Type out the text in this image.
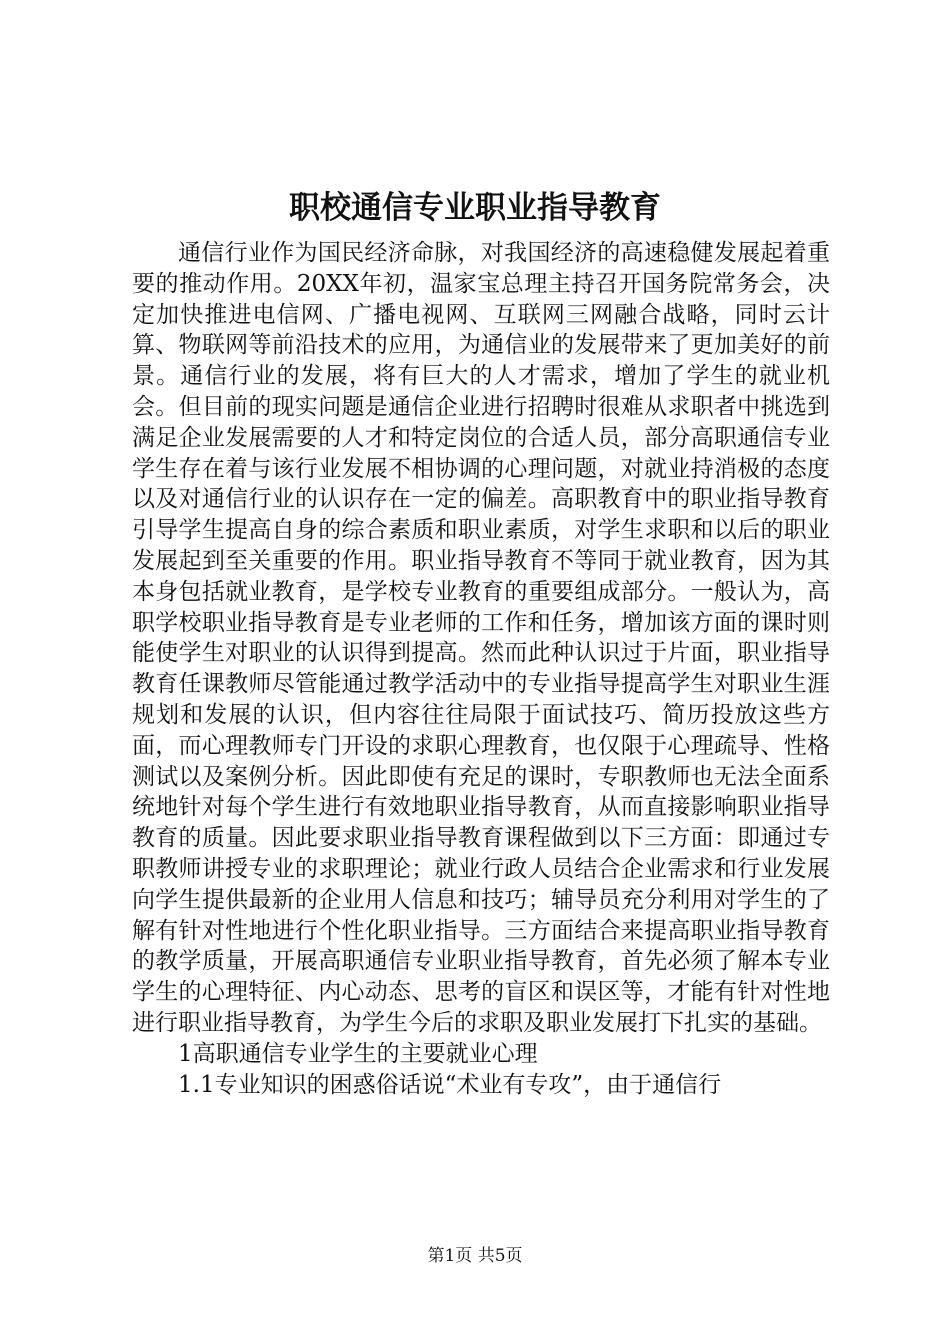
职校通信专业职业指导教育

通信行业作为国民经济命脉，对我国经济的高速稳健发展起着重要的推动作用。20XX年初，温家宝总理主持召开国务院常务会，决定加快推进电信网、广播电视网、互联网三网融合战略，同时云计算、物联网等前沿技术的应用，为通信业的发展带来了更加美好的前景。通信行业的发展，将有巨大的人才需求，增加了学生的就业机会。但目前的现实问题是通信企业进行招聘时很难从求职者中挑选到满足企业发展需要的人才和特定岗位的合适人员，部分高职通信专业学生存在着与该行业发展不相协调的心理问题，对就业持消极的态度以及对通信行业的认识存在一定的偏差。高职教育中的职业指导教育引导学生提高自身的综合素质和职业素质，对学生求职和以后的职业发展起到至关重要的作用。职业指导教育不等同于就业教育，因为其本身包括就业教育，是学校专业教育的重要组成部分。一般认为，高职学校职业指导教育是专业老师的工作和任务，增加该方面的课时则能使学生对职业的认识得到提高。然而此种认识过于片面，职业指导教育任课教师尽管能通过教学活动中的专业指导提高学生对职业生涯规划和发展的认识，但内容往往局限于面试技巧、简历投放这些方面，而心理教师专门开设的求职心理教育，也仅限于心理疏导、性格测试以及案例分析。因此即使有充足的课时，专职教师也无法全面系统地针对每个学生进行有效地职业指导教育，从而直接影响职业指导教育的质量。因此要求职业指导教育课程做到以下三方面：即通过专职教师讲授专业的求职理论；就业行政人员结合企业需求和行业发展向学生提供最新的企业用人信息和技巧；辅导员充分利用对学生的了解有针对性地进行个性化职业指导。三方面结合来提高职业指导教育的教学质量，开展高职通信专业职业指导教育，首先必须了解本专业学生的心理特征、内心动态、思考的盲区和误区等，才能有针对性地进行职业指导教育，为学生今后的求职及职业发展打下扎实的基础。

1高职通信专业学生的主要就业心理

1.1专业知识的困惑俗话说“术业有专攻”，由于通信行

第1页 共5页
